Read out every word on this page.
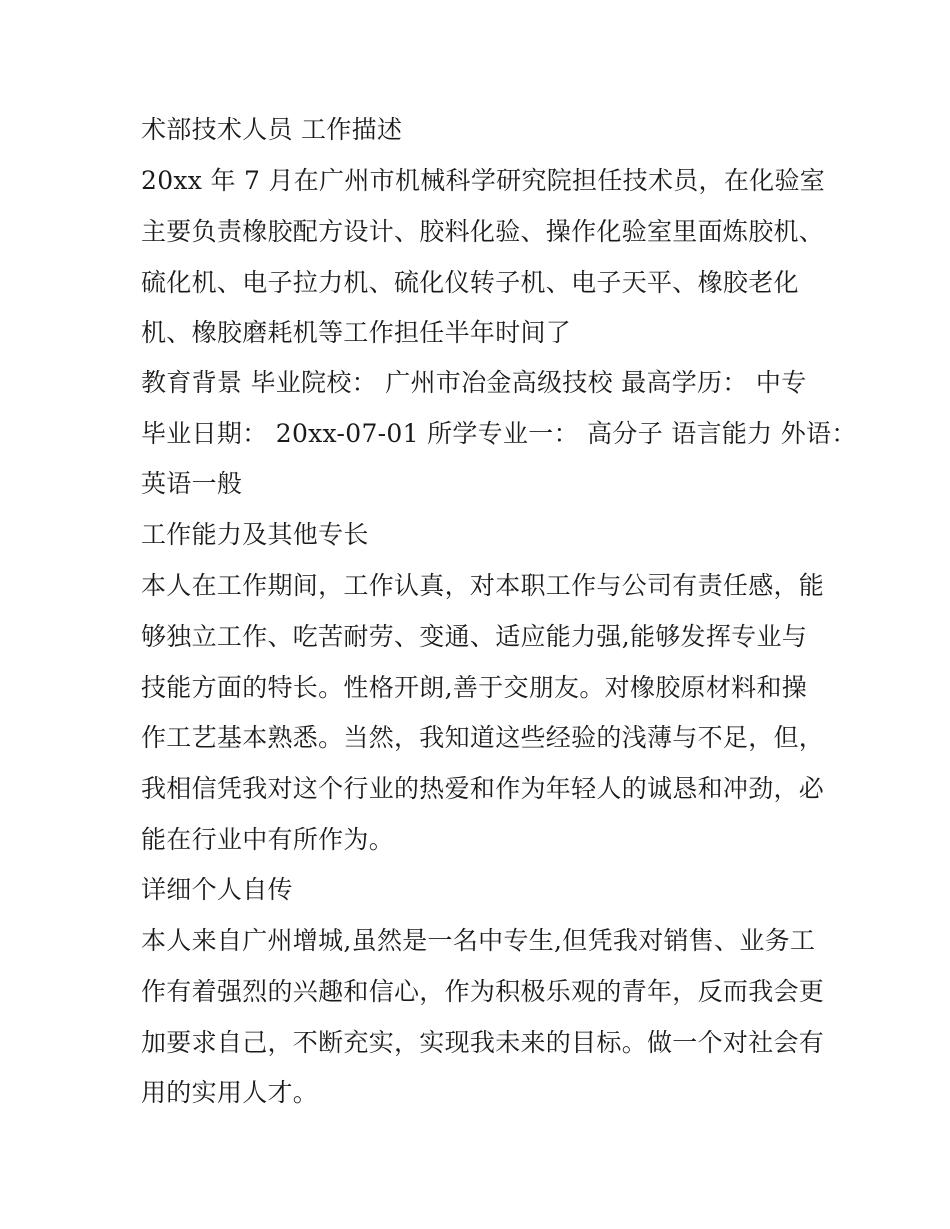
术部技术人员 工作描述
20xx 年 7 月在广州市机械科学研究院担任技术员，在化验室
主要负责橡胶配方设计、胶料化验、操作化验室里面炼胶机、
硫化机、电子拉力机、硫化仪转子机、电子天平、橡胶老化
机、橡胶磨耗机等工作担任半年时间了
教育背景 毕业院校： 广州市冶金高级技校 最高学历： 中专
毕业日期： 20xx-07-01 所学专业一： 高分子 语言能力 外语：
英语一般
工作能力及其他专长
本人在工作期间，工作认真，对本职工作与公司有责任感，能
够独立工作、吃苦耐劳、变通、适应能力强,能够发挥专业与
技能方面的特长。性格开朗,善于交朋友。对橡胶原材料和操
作工艺基本熟悉。当然，我知道这些经验的浅薄与不足，但，
我相信凭我对这个行业的热爱和作为年轻人的诚恳和冲劲，必
能在行业中有所作为。
详细个人自传
本人来自广州增城,虽然是一名中专生,但凭我对销售、业务工
作有着强烈的兴趣和信心，作为积极乐观的青年，反而我会更
加要求自己，不断充实，实现我未来的目标。做一个对社会有
用的实用人才。
